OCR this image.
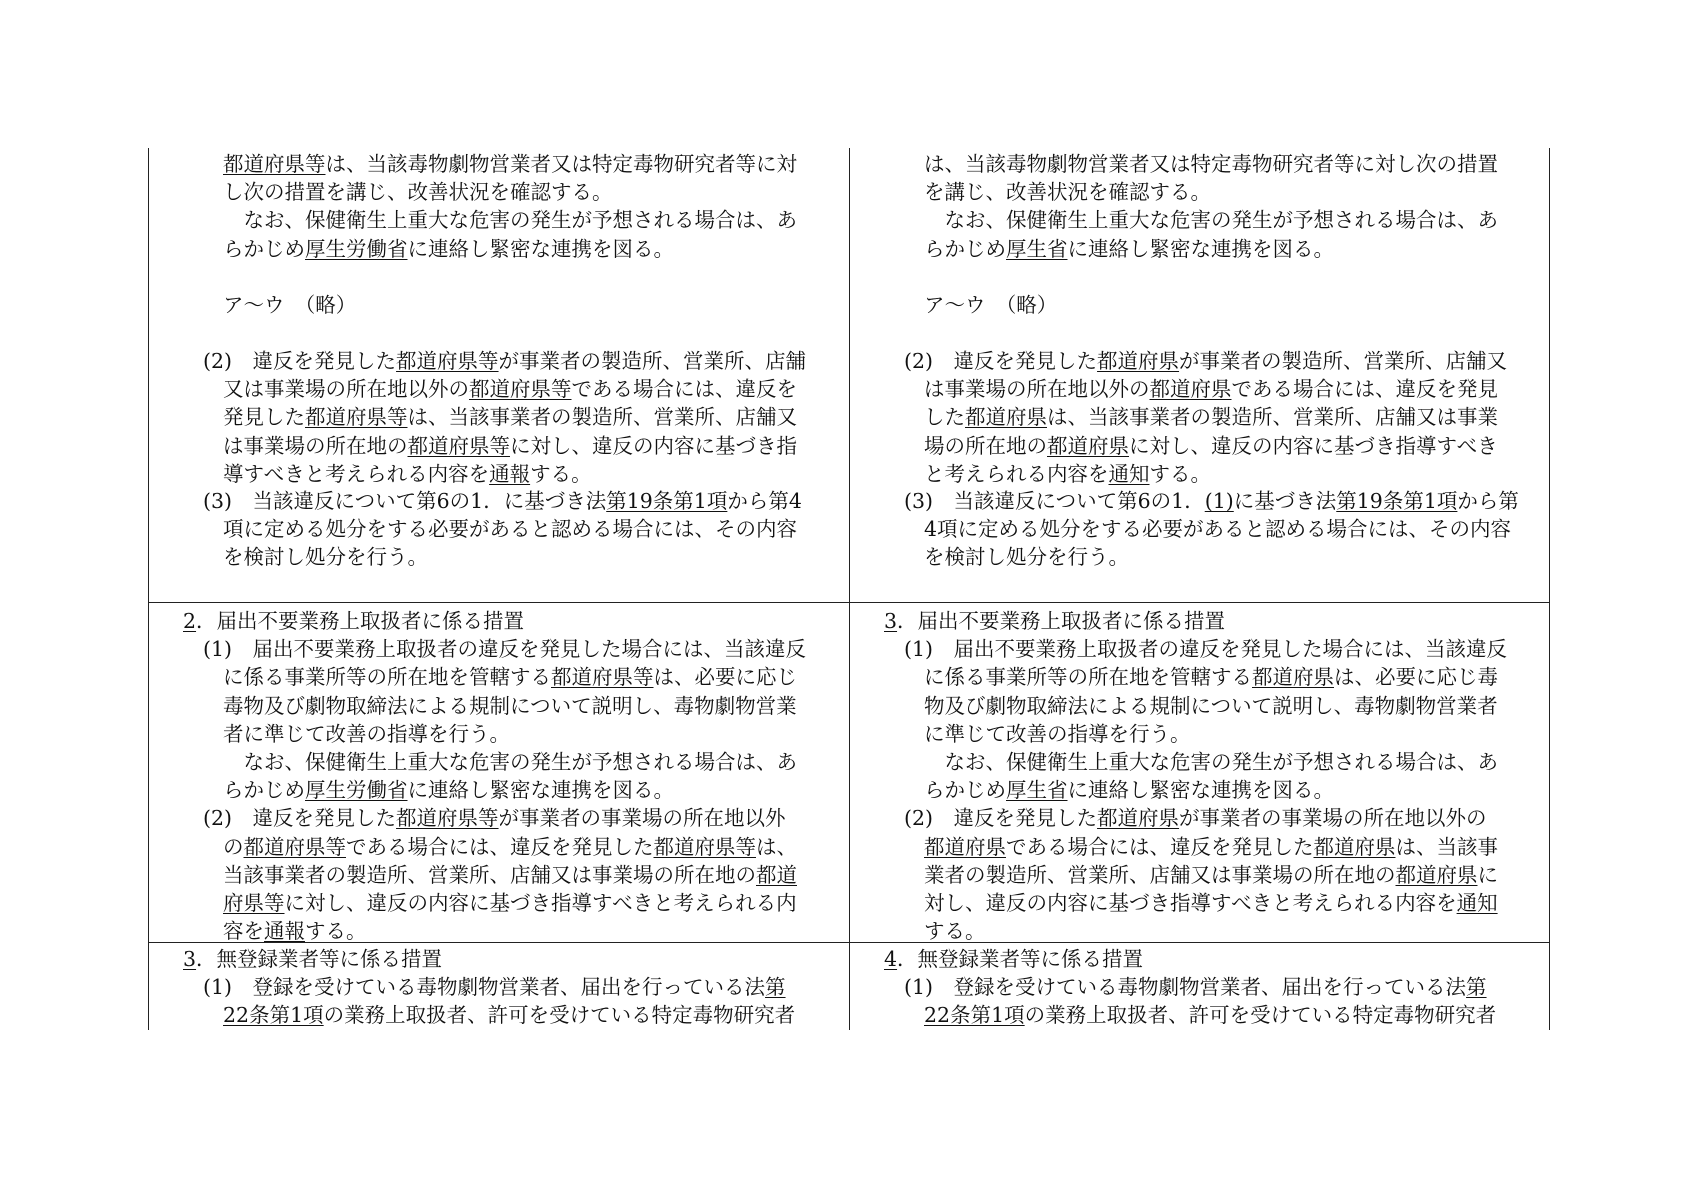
都道府県等は、当該毒物劇物営業者又は特定毒物研究者等に対
し次の措置を講じ、改善状況を確認する。
　なお、保健衛生上重大な危害の発生が予想される場合は、あ
らかじめ厚生労働省に連絡し緊密な連携を図る。
ア～ウ　（略）
(2)　違反を発見した都道府県等が事業者の製造所、営業所、店舗
又は事業場の所在地以外の都道府県等である場合には、違反を
発見した都道府県等は、当該事業者の製造所、営業所、店舗又
は事業場の所在地の都道府県等に対し、違反の内容に基づき指
導すべきと考えられる内容を通報する。
(3)　当該違反について第6の1．に基づき法第19条第1項から第4
項に定める処分をする必要があると認める場合には、その内容
を検討し処分を行う。
2．届出不要業務上取扱者に係る措置
(1)　届出不要業務上取扱者の違反を発見した場合には、当該違反
に係る事業所等の所在地を管轄する都道府県等は、必要に応じ
毒物及び劇物取締法による規制について説明し、毒物劇物営業
者に準じて改善の指導を行う。
　なお、保健衛生上重大な危害の発生が予想される場合は、あ
らかじめ厚生労働省に連絡し緊密な連携を図る。
(2)　違反を発見した都道府県等が事業者の事業場の所在地以外
の都道府県等である場合には、違反を発見した都道府県等は、
当該事業者の製造所、営業所、店舗又は事業場の所在地の都道
府県等に対し、違反の内容に基づき指導すべきと考えられる内
容を通報する。
3．無登録業者等に係る措置
(1)　登録を受けている毒物劇物営業者、届出を行っている法第
22条第1項の業務上取扱者、許可を受けている特定毒物研究者
は、当該毒物劇物営業者又は特定毒物研究者等に対し次の措置
を講じ、改善状況を確認する。
　なお、保健衛生上重大な危害の発生が予想される場合は、あ
らかじめ厚生省に連絡し緊密な連携を図る。
ア～ウ　（略）
(2)　違反を発見した都道府県が事業者の製造所、営業所、店舗又
は事業場の所在地以外の都道府県である場合には、違反を発見
した都道府県は、当該事業者の製造所、営業所、店舗又は事業
場の所在地の都道府県に対し、違反の内容に基づき指導すべき
と考えられる内容を通知する。
(3)　当該違反について第6の1．(1)に基づき法第19条第1項から第
4項に定める処分をする必要があると認める場合には、その内容
を検討し処分を行う。
3．届出不要業務上取扱者に係る措置
(1)　届出不要業務上取扱者の違反を発見した場合には、当該違反
に係る事業所等の所在地を管轄する都道府県は、必要に応じ毒
物及び劇物取締法による規制について説明し、毒物劇物営業者
に準じて改善の指導を行う。
　なお、保健衛生上重大な危害の発生が予想される場合は、あ
らかじめ厚生省に連絡し緊密な連携を図る。
(2)　違反を発見した都道府県が事業者の事業場の所在地以外の
都道府県である場合には、違反を発見した都道府県は、当該事
業者の製造所、営業所、店舗又は事業場の所在地の都道府県に
対し、違反の内容に基づき指導すべきと考えられる内容を通知
する。
4．無登録業者等に係る措置
(1)　登録を受けている毒物劇物営業者、届出を行っている法第
22条第1項の業務上取扱者、許可を受けている特定毒物研究者
